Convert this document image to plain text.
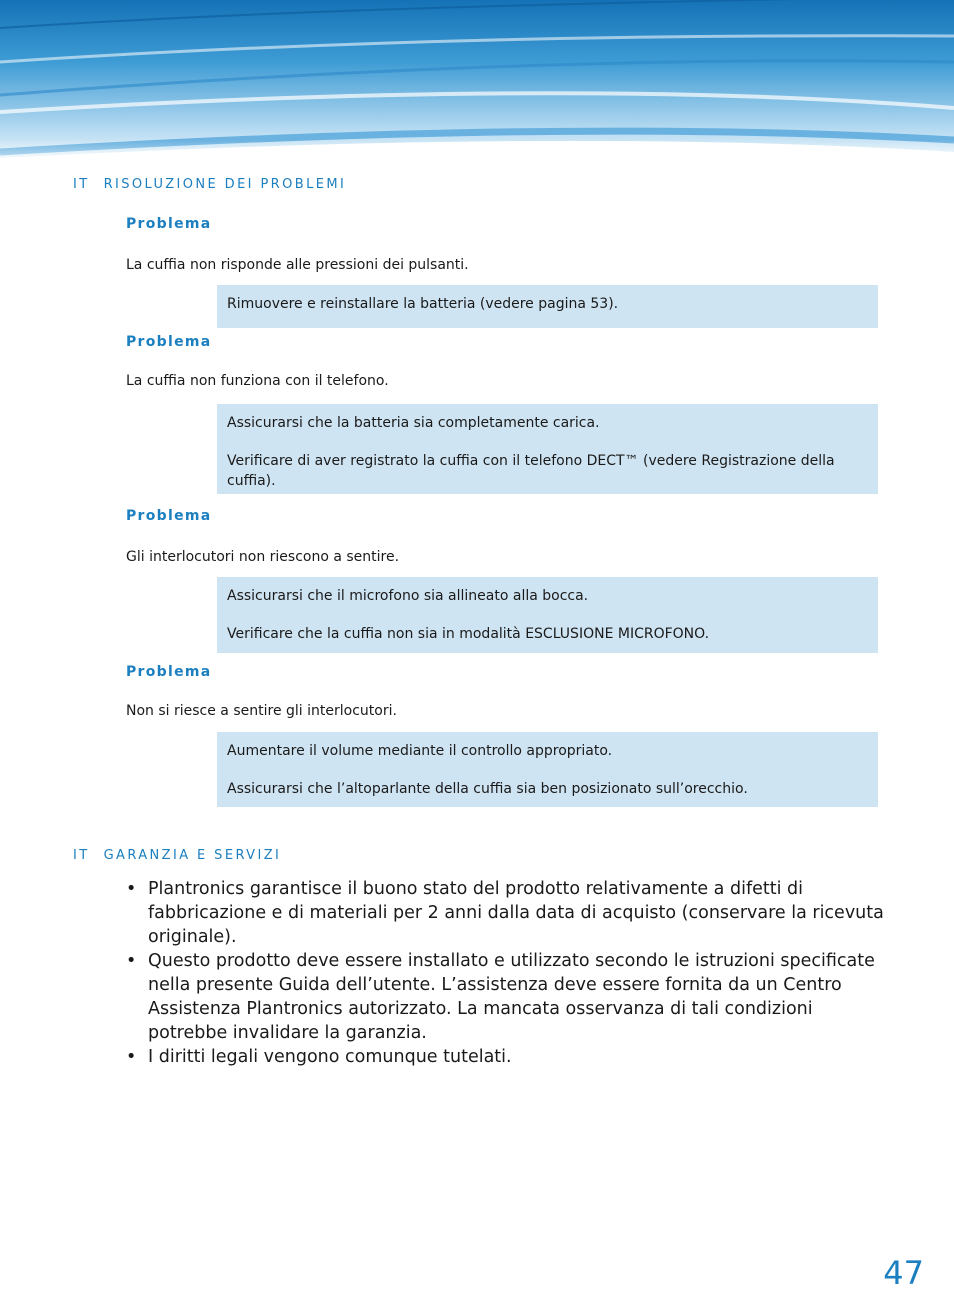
IT RISOLUZIONE DEI PROBLEMI
Problema

La cuffia non risponde alle pressioni dei pulsanti.

Rimuovere e reinstallare la batteria (vedere pagina 53).

Problema

La cuffia non funziona con il telefono.

Assicurarsi che la batteria sia completamente carica.

Verificare di aver registrato la cuffia con il telefono DECT™ (vedere Registrazione della cuffia).

Problema

Gli interlocutori non riescono a sentire.

Assicurarsi che il microfono sia allineato alla bocca.

Verificare che la cuffia non sia in modalità ESCLUSIONE MICROFONO.

Problema

Non si riesce a sentire gli interlocutori.

Aumentare il volume mediante il controllo appropriato.

Assicurarsi che l’altoparlante della cuffia sia ben posizionato sull’orecchio.

IT GARANZIA E SERVIZI
• Plantronics garantisce il buono stato del prodotto relativamente a difetti di fabbricazione e di materiali per 2 anni dalla data di acquisto (conservare la ricevuta originale).
• Questo prodotto deve essere installato e utilizzato secondo le istruzioni specificate nella presente Guida dell’utente. L’assistenza deve essere fornita da un Centro Assistenza Plantronics autorizzato. La mancata osservanza di tali condizioni potrebbe invalidare la garanzia.
• I diritti legali vengono comunque tutelati.
47
